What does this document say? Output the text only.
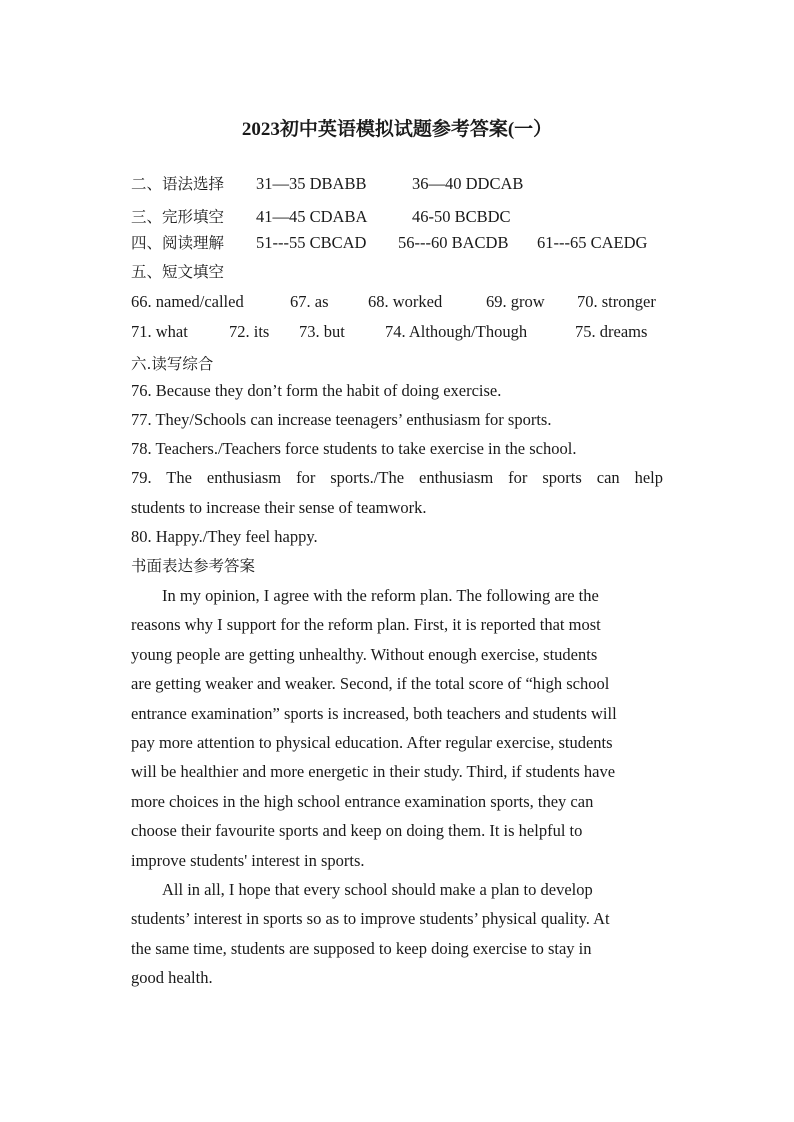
2023初中英语模拟试题参考答案(一）
二、语法选择 31—35 DBABB	36—40 DDCAB
三、完形填空 41—45 CDABA	46-50 BCBDC
四、阅读理解 51---55 CBCAD 56---60 BACDB 61---65 CAEDG
五、短文填空
66. named/called	67. as 68. worked	69. grow 70. stronger
71. what 72. its 73. but 74. Although/Though	75. dreams
六.读写综合
76. Because they don’t form the habit of doing exercise.
77. They/Schools can increase teenagers’ enthusiasm for sports.
78. Teachers./Teachers force students to take exercise in the school.
79. The enthusiasm for sports./The enthusiasm for sports can help
students to increase their sense of teamwork.
80. Happy./They feel happy.
书面表达参考答案
In my opinion, I agree with the reform plan. The following are the
reasons why I support for the reform plan. First, it is reported that most
young people are getting unhealthy. Without enough exercise, students
are getting weaker and weaker. Second, if the total score of “high school
entrance examination” sports is increased, both teachers and students will
pay more attention to physical education. After regular exercise, students
will be healthier and more energetic in their study. Third, if students have
more choices in the high school entrance examination sports, they can
choose their favourite sports and keep on doing them. It is helpful to
improve students' interest in sports.
All in all, I hope that every school should make a plan to develop
students’ interest in sports so as to improve students’ physical quality. At
the same time, students are supposed to keep doing exercise to stay in
good health.
